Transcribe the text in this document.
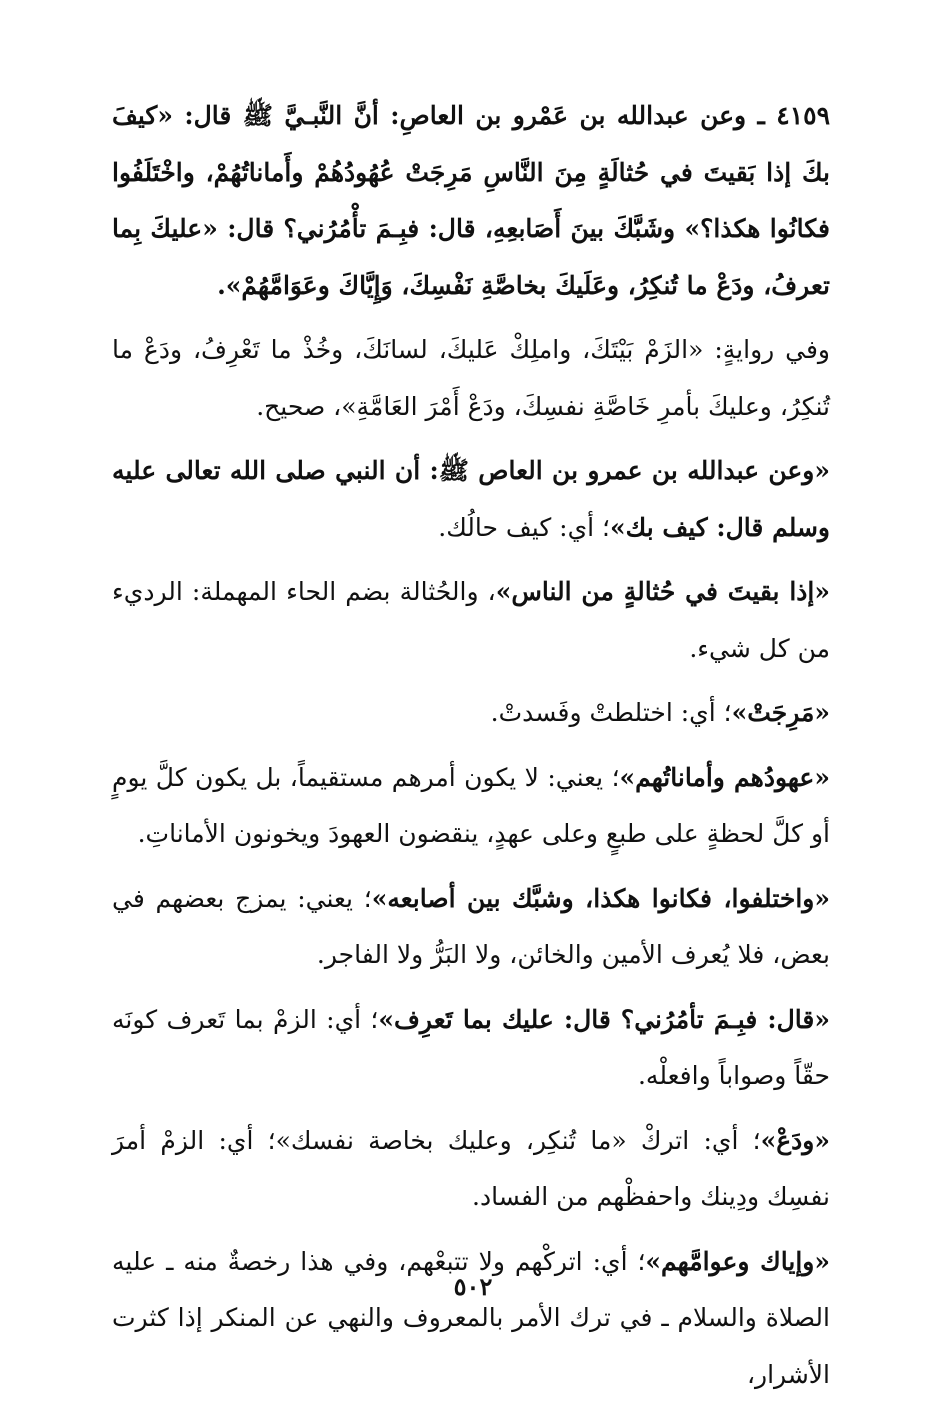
٤١٥٩ ـ وعن عبدالله بن عَمْرو بن العاصِ: أنَّ النَّبـيَّ ﷺ قال: «كيفَ بكَ إذا بَقيتَ في حُثالَةٍ مِنَ النَّاسِ مَرِجَتْ عُهُودُهُمْ وأَماناتُهُمْ، واخْتَلَفُوا فكانُوا هكذا؟» وشَبَّكَ بينَ أَصَابعِهِ، قال: فبِـمَ تأْمُرُني؟ قال: «عليكَ بِما تعرفُ، ودَعْ ما تُنكِرُ، وعَلَيكَ بخاصَّةِ نَفْسِكَ، وَإِيَّاكَ وعَوَامَّهُمْ».

وفي روايةٍ: «الزَمْ بَيْتَكَ، واملِكْ عَليكَ، لسانَكَ، وخُذْ ما تَعْرِفُ، ودَعْ ما تُنكِرُ، وعليكَ بأمرِ خَاصَّةِ نفسِكَ، ودَعْ أَمْرَ العَامَّةِ»، صحيح.

«وعن عبدالله بن عمرو بن العاص ﷺ: أن النبي صلى الله تعالى عليه وسلم قال: كيف بك»؛ أي: كيف حالُك.

«إذا بقيتَ في حُثالةٍ من الناس»، والحُثالة بضم الحاء المهملة: الرديء من كل شيء.

«مَرِجَتْ»؛ أي: اختلطتْ وفَسدتْ.

«عهودُهم وأماناتُهم»؛ يعني: لا يكون أمرهم مستقيماً، بل يكون كلَّ يومٍ أو كلَّ لحظةٍ على طبعٍ وعلى عهدٍ، ينقضون العهودَ ويخونون الأماناتِ.

«واختلفوا، فكانوا هكذا، وشبَّك بين أصابعه»؛ يعني: يمزج بعضهم في بعض، فلا يُعرف الأمين والخائن، ولا البَرُّ ولا الفاجر.

«قال: فبِـمَ تأمُرُني؟ قال: عليك بما تَعرِف»؛ أي: الزمْ بما تَعرف كونَه حقّاً وصواباً وافعلْه.

«ودَعْ»؛ أي: اتركْ «ما تُنكِر، وعليك بخاصة نفسك»؛ أي: الزمْ أمرَ نفسِك ودِينك واحفظْهم من الفساد.

«وإياك وعوامَّهم»؛ أي: اتركْهم ولا تتبعْهم، وفي هذا رخصةٌ منه ـ عليه الصلاة والسلام ـ في ترك الأمر بالمعروف والنهي عن المنكر إذا كثرت الأشرار،

٥٠٢
